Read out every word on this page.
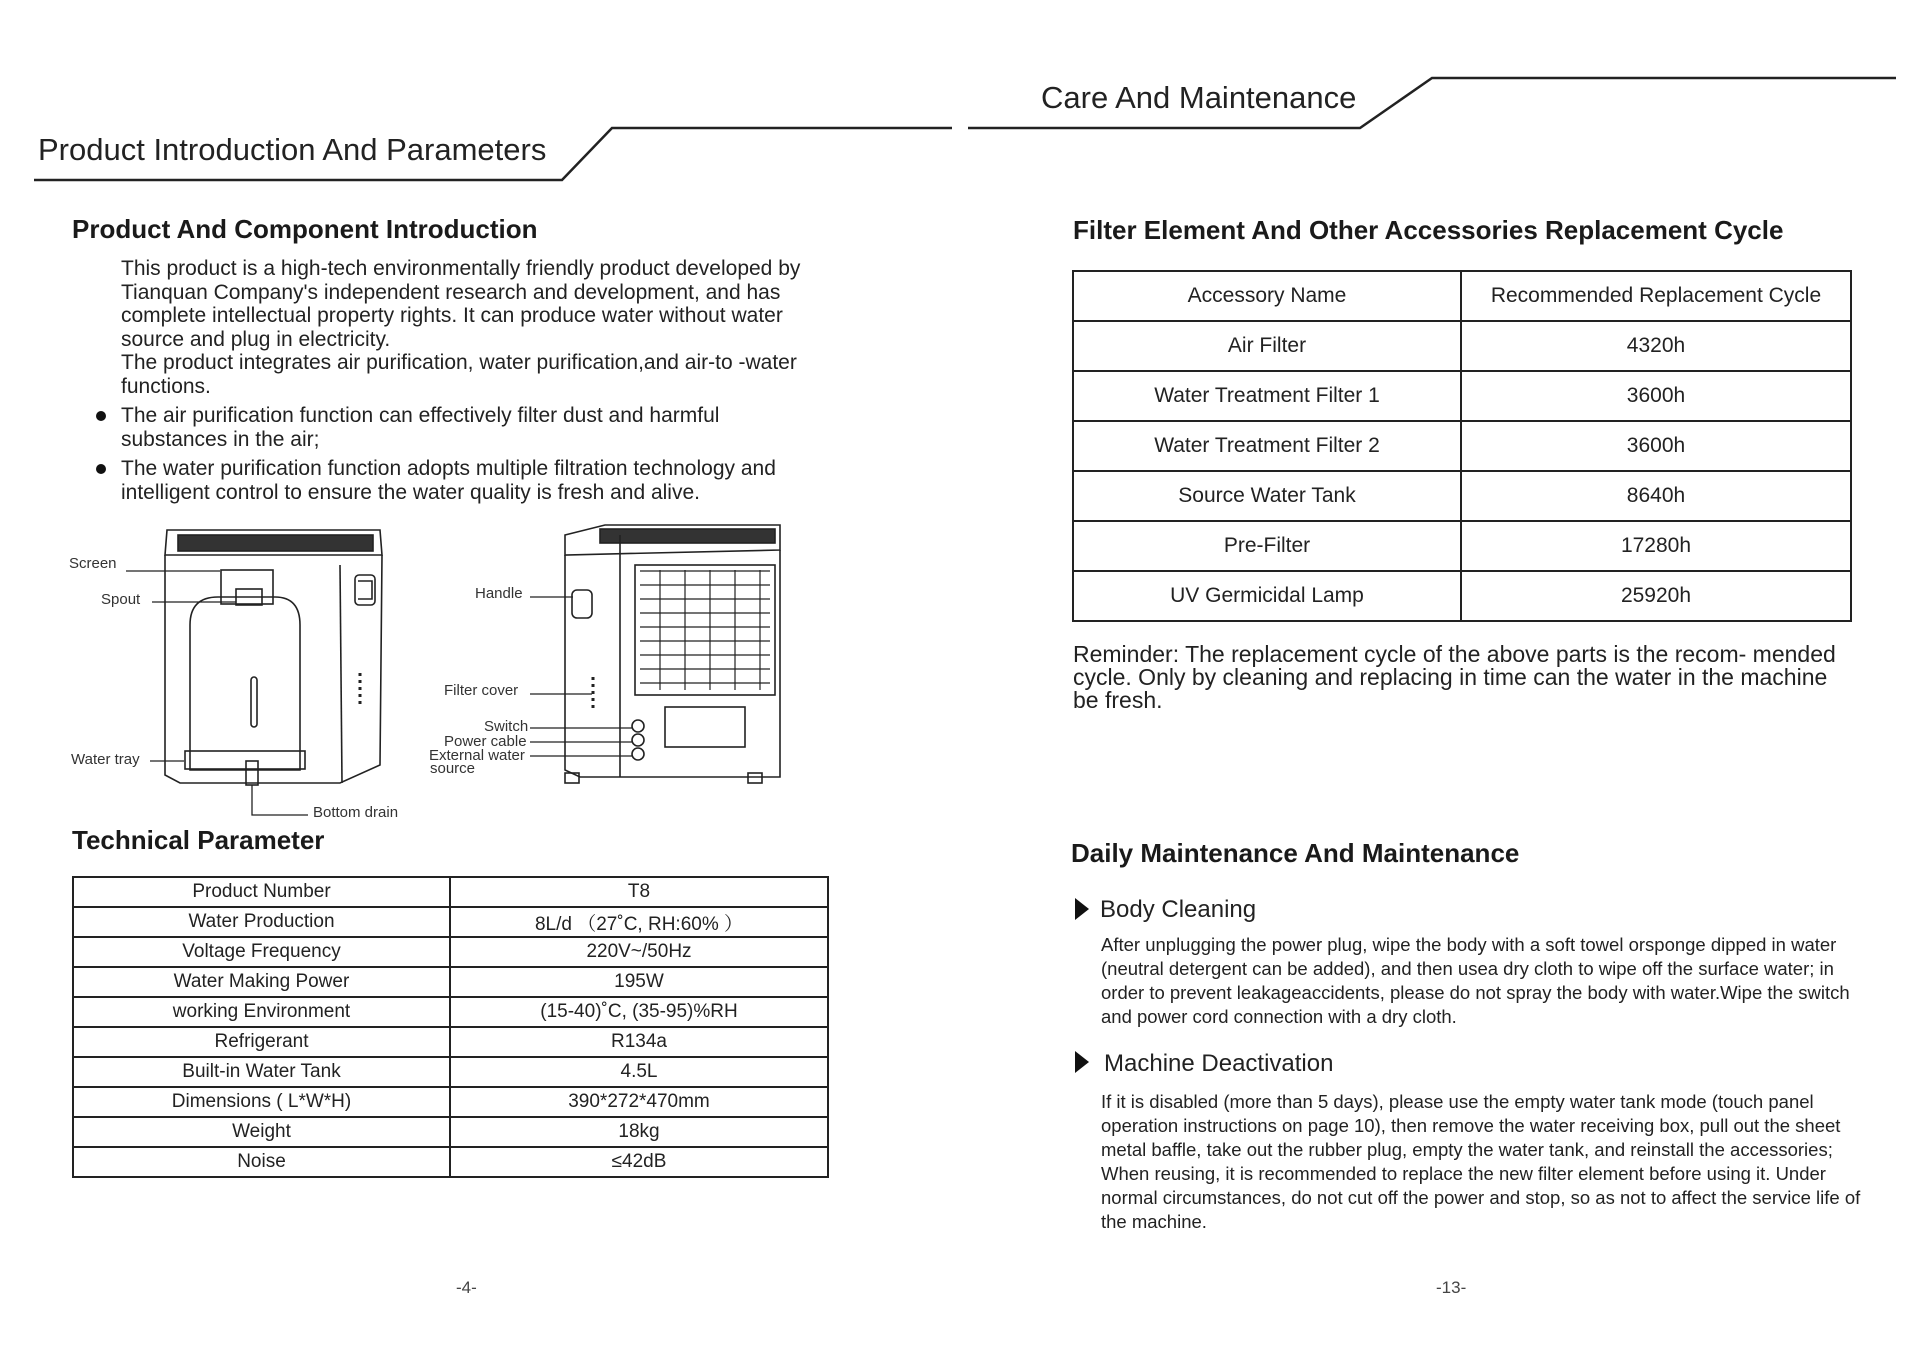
Product Introduction And Parameters
Product And Component Introduction

This product is a high-tech environmentally friendly product developed by Tianquan Company's independent research and development, and has complete intellectual property rights. It can produce water without water source and plug in electricity.

The product integrates air purification, water purification,and air-to -water functions.

The air purification function can effectively filter dust and harmful substances in the air;
The water purification function adopts multiple filtration technology and intelligent control to ensure the water quality is fresh and alive.
Screen
Spout
Water tray
Bottom drain
Handle
Filter cover
Switch
Power cable
External water
source
Technical Parameter
Product Number	T8
Water Production	8L/d （27˚C, RH:60% ）
Voltage Frequency	220V~/50Hz
Water Making Power	195W
working Environment	(15-40)˚C, (35-95)%RH
Refrigerant	R134a
Built-in Water Tank	4.5L
Dimensions ( L*W*H)	390*272*470mm
Weight	18kg
Noise	≤42dB
-4-
Care And Maintenance
Filter Element And Other Accessories Replacement Cycle
Accessory Name	Recommended Replacement Cycle
Air Filter	4320h
Water Treatment Filter 1	3600h
Water Treatment Filter 2	3600h
Source Water Tank	8640h
Pre-Filter	17280h
UV Germicidal Lamp	25920h
Reminder: The replacement cycle of the above parts is the recom- mended cycle. Only by cleaning and replacing in time can the water in the machine be fresh.
Daily Maintenance And Maintenance
Body Cleaning
After unplugging the power plug, wipe the body with a soft towel orsponge dipped in water (neutral detergent can be added), and then usea dry cloth to wipe off the surface water; in order to prevent leakageaccidents, please do not spray the body with water.Wipe the switch and power cord connection with a dry cloth.
Machine Deactivation
If it is disabled (more than 5 days), please use the empty water tank mode (touch panel operation instructions on page 10), then remove the water receiving box, pull out the sheet metal baffle, take out the rubber plug, empty the water tank, and reinstall the accessories; When reusing, it is recommended to replace the new filter element before using it. Under normal circumstances, do not cut off the power and stop, so as not to affect the service life of the machine.
-13-
